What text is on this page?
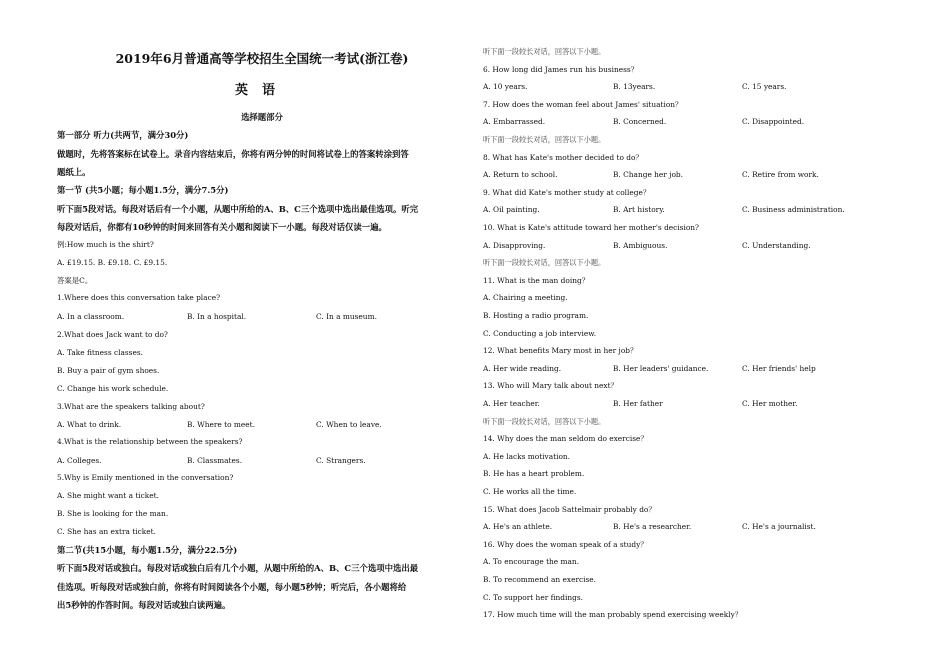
2019年6月普通高等学校招生全国统一考试(浙江卷)
英语
选择题部分
第一部分 听力(共两节，满分30分)
做题时，先将答案标在试卷上。录音内容结束后，你将有两分钟的时间将试卷上的答案转涂到答
题纸上。
第一节 (共5小题；每小题1.5分，满分7.5分)
听下面5段对话。每段对话后有一个小题，从题中所给的A、B、C三个选项中选出最佳选项。听完
每段对话后，你都有10秒钟的时间来回答有关小题和阅读下一小题。每段对话仅读一遍。
例:How much is the shirt?
A. £19.15. B. £9.18. C. £9.15.
答案是C。
1.Where does this conversation take place?
A. In a classroom.	B. In a hospital.	C. In a museum.
2.What does Jack want to do?
A. Take fitness classes.
B. Buy a pair of gym shoes.
C. Change his work schedule.
3.What are the speakers talking about?
A. What to drink.	B. Where to meet.	C. When to leave.
4.What is the relationship between the speakers?
A. Colleges.	B. Classmates.	C. Strangers.
5.Why is Emily mentioned in the conversation?
A. She might want a ticket.
B. She is looking for the man.
C. She has an extra ticket.
第二节(共15小题，每小题1.5分，满分22.5分)
听下面5段对话或独白。每段对话或独白后有几个小题，从题中所给的A、B、C三个选项中选出最
佳选项。听每段对话或独白前，你将有时间阅读各个小题，每小题5秒钟；听完后，各小题将给
出5秒钟的作答时间。每段对话或独白读两遍。
听下面一段较长对话，回答以下小题。
6. How long did James run his business？
A. 10 years.	B. 13years.	C. 15 years.
7. How does the woman feel about James' situation？
A. Embarrassed.	B. Concerned.	C. Disappointed.
听下面一段较长对话，回答以下小题。
8. What has Kate's mother decided to do？
A. Return to school.	B. Change her job.	C. Retire from work.
9. What did Kate's mother study at college？
A. Oil painting.	B. Art history.	C. Business administration.
10. What is Kate's attitude toward her mother's decision?
A. Disapproving.	B. Ambiguous.	C. Understanding.
听下面一段较长对话，回答以下小题。
11. What is the man doing？
A. Chairing a meeting.
B. Hosting a radio program.
C. Conducting a job interview.
12. What benefits Mary most in her job？
A. Her wide reading.	B. Her leaders' guidance.	C. Her friends' help
13. Who will Mary talk about next？
A. Her teacher.	B. Her father	C. Her mother.
听下面一段较长对话，回答以下小题。
14. Why does the man seldom do exercise？
A. He lacks motivation.
B. He has a heart problem.
C. He works all the time.
15. What does Jacob Sattelmair probably do？
A. He's an athlete.	B. He's a researcher.	C. He's a journalist.
16. Why does the woman speak of a study？
A. To encourage the man.
B. To recommend an exercise.
C. To support her findings.
17. How much time will the man probably spend exercising weekly？
